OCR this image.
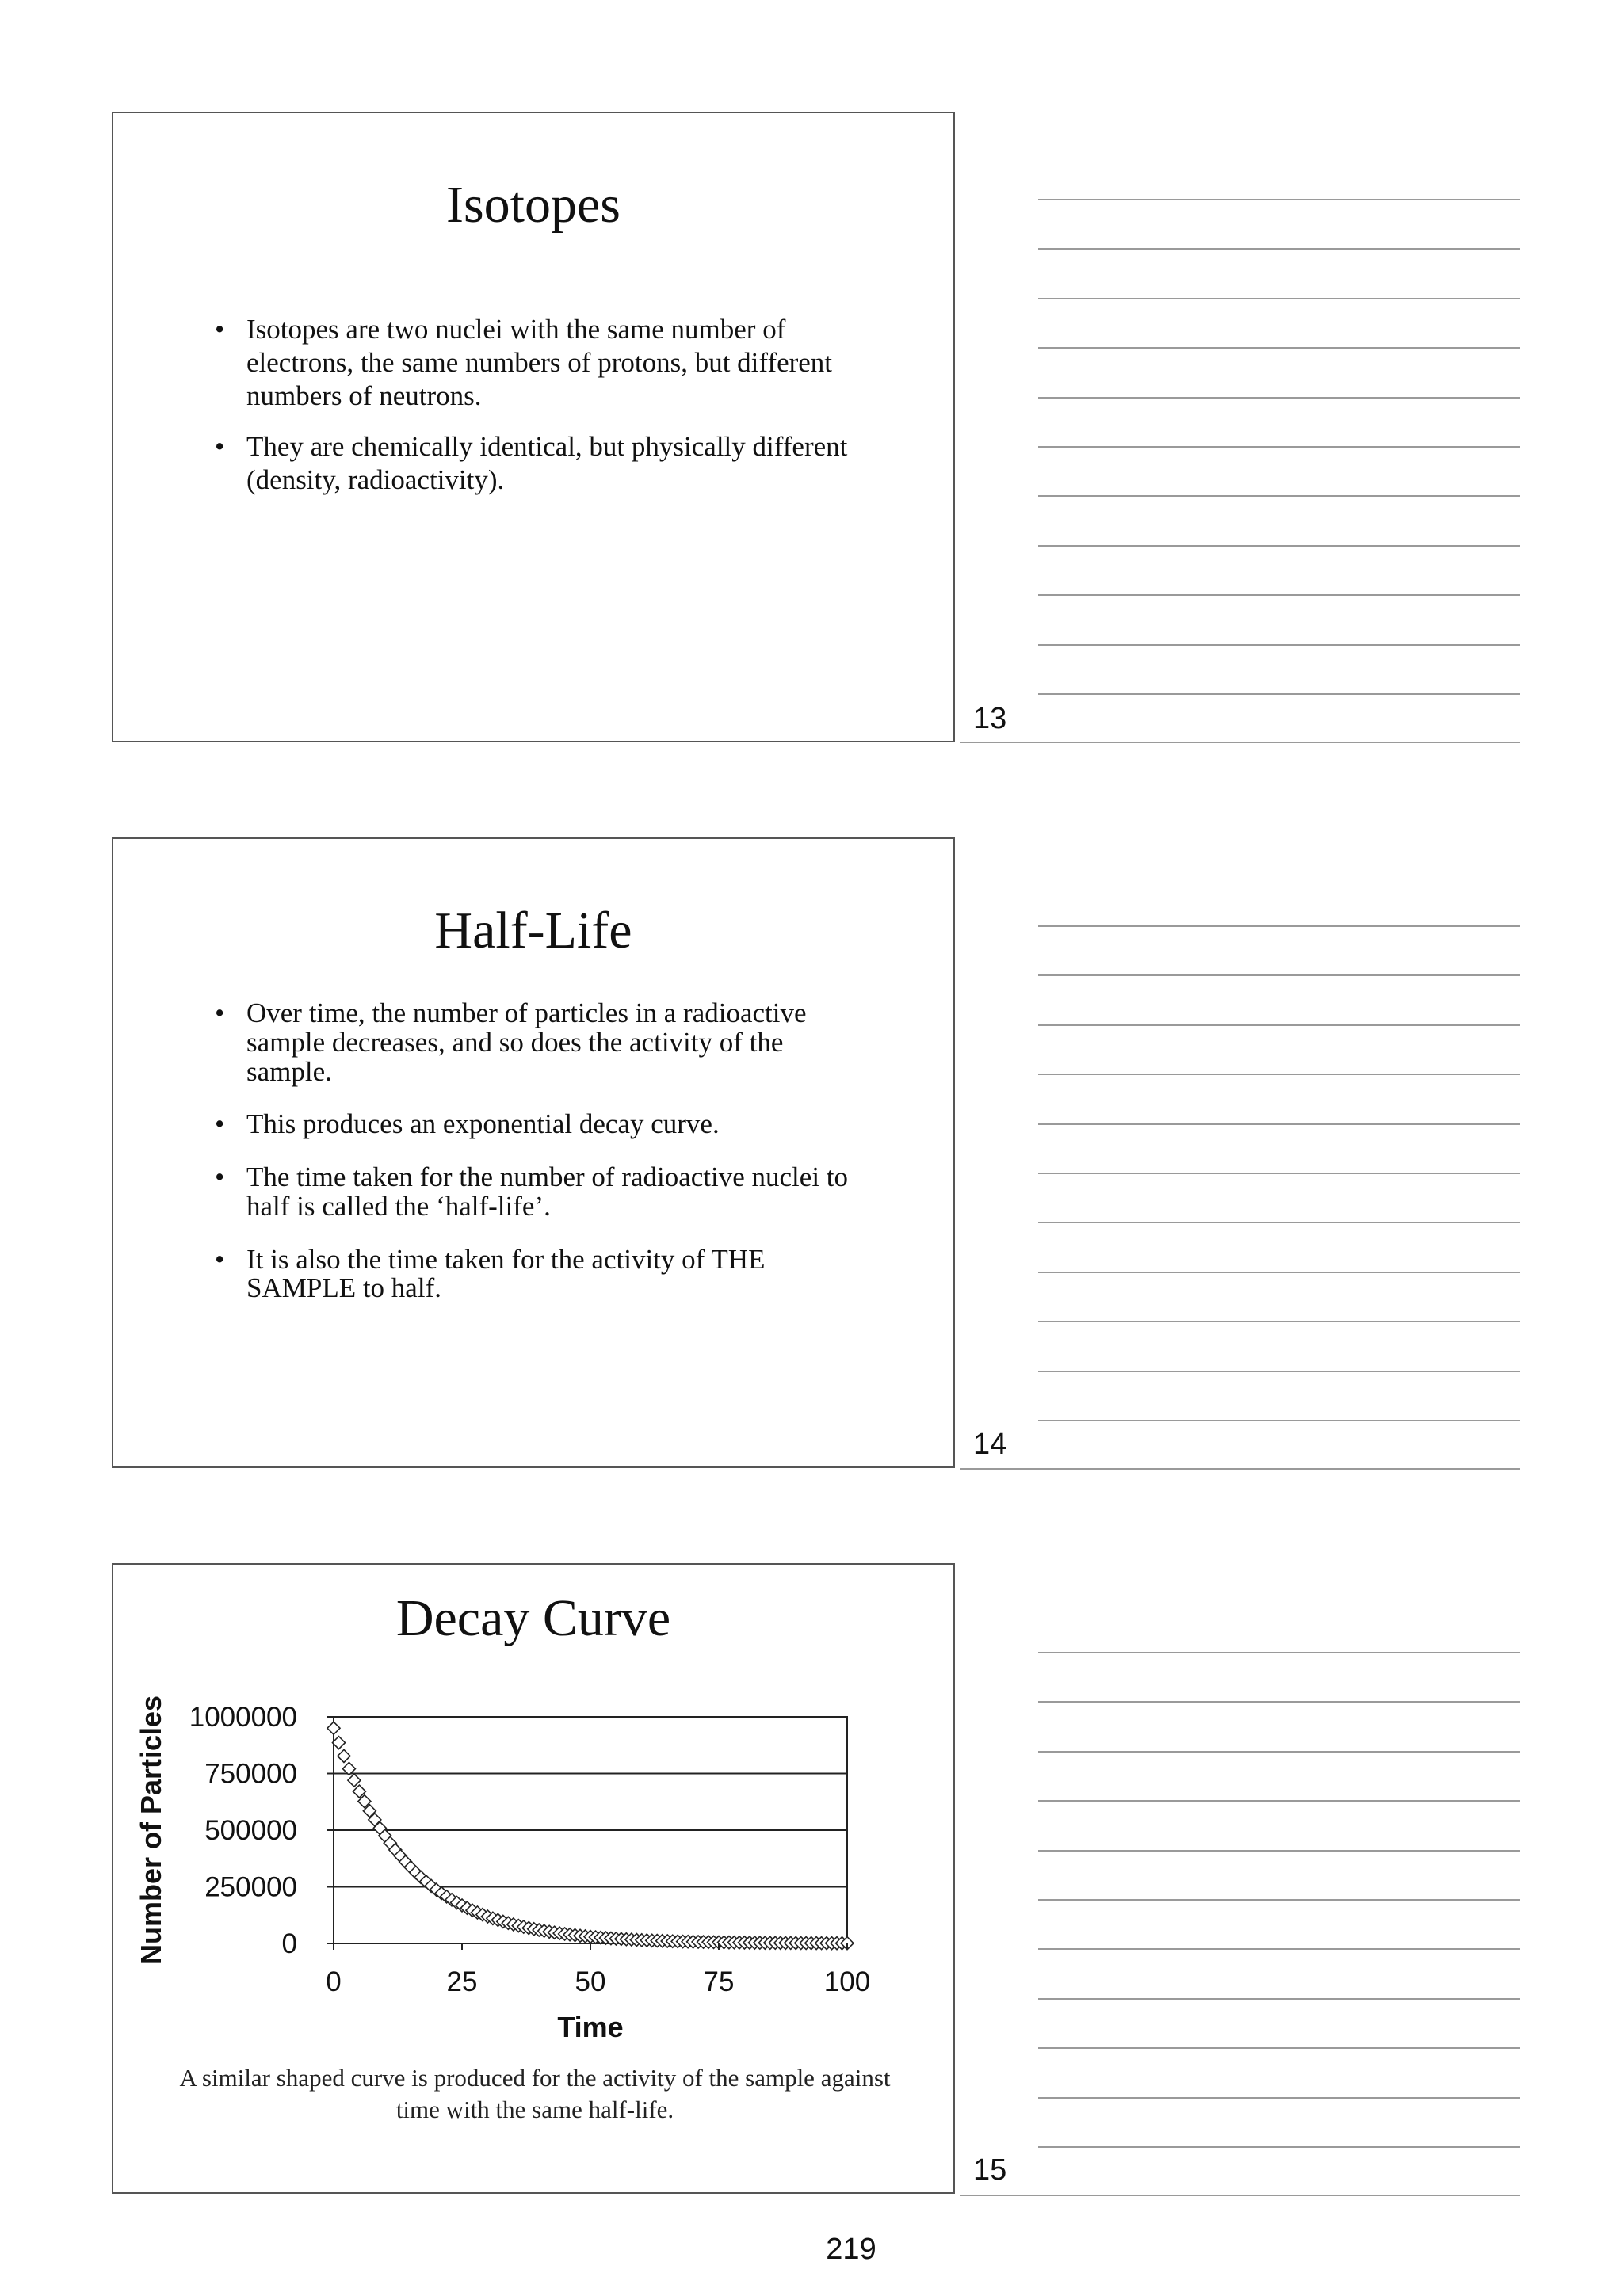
Isotopes
• Isotopes are two nuclei with the same number of electrons, the same numbers of protons, but different numbers of neutrons.
• They are chemically identical, but physically different (density, radioactivity).
13
Half-Life
• Over time, the number of particles in a radioactive sample decreases, and so does the activity of the sample.
• This produces an exponential decay curve.
• The time taken for the number of radioactive nuclei to half is called the ‘half-life’.
• It is also the time taken for the activity of THE SAMPLE to half.
14
Decay Curve
0
250000
500000
750000
1000000
0	25	50	75	100
Time
Number of Particles
A similar shaped curve is produced for the activity of the sample against time with the same half-life.
15
219
